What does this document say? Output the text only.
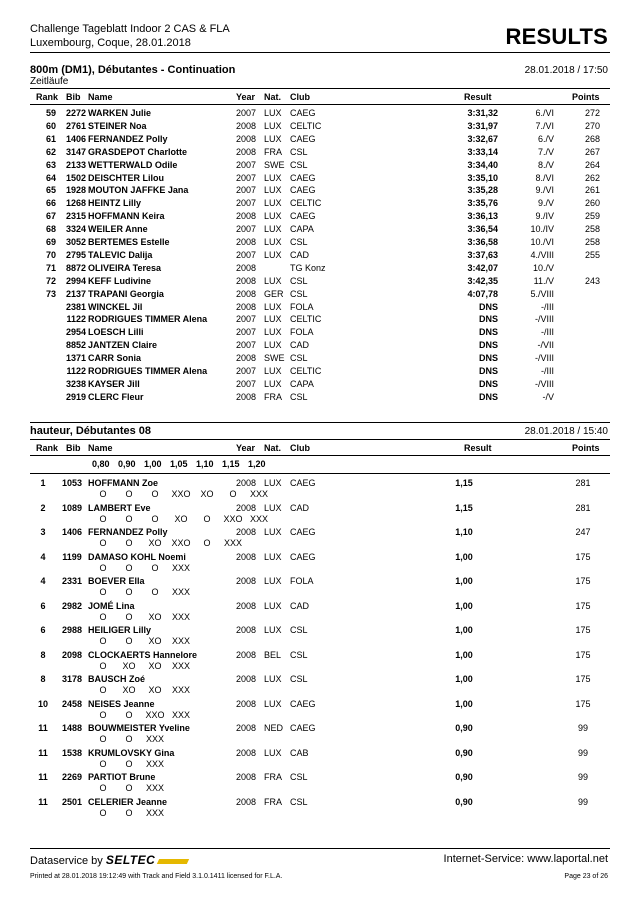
Challenge Tageblatt Indoor 2 CAS & FLA
Luxembourg, Coque, 28.01.2018	RESULTS
800m (DM1), Débutantes - Continuation	28.01.2018 / 17:50
Zeitläufe
Rank Bib Name	Year Nat. Club	Result	Points
59	2272 WARKEN Julie	2007 LUX CAEG	3:31,32	6./VI	272
60	2761 STEINER Noa	2008 LUX CELTIC	3:31,97	7./VI	270
61	1406 FERNANDEZ Polly	2008 LUX CAEG	3:32,67	6./V	268
62	3147 GRASDEPOT Charlotte	2008 FRA CSL	3:33,14	7./V	267
63	2133 WETTERWALD Odile	2007 SWE CSL	3:34,40	8./V	264
64	1502 DEISCHTER Lilou	2007 LUX CAEG	3:35,10	8./VI	262
65	1928 MOUTON JAFFKE Jana	2007 LUX CAEG	3:35,28	9./VI	261
66	1268 HEINTZ Lilly	2007 LUX CELTIC	3:35,76	9./V	260
67	2315 HOFFMANN Keira	2008 LUX CAEG	3:36,13	9./IV	259
68	3324 WEILER Anne	2007 LUX CAPA	3:36,54	10./IV	258
69	3052 BERTEMES Estelle	2008 LUX CSL	3:36,58	10./VI	258
70	2795 TALEVIC Dalija	2007 LUX CAD	3:37,63	4./VIII	255
71	8872 OLIVEIRA Teresa	2008	TG Konz	3:42,07	10./V
72	2994 KEFF Ludivine	2008 LUX CSL	3:42,35	11./V	243
73	2137 TRAPANI Georgia	2008 GER CSL	4:07,78	5./VIII
2381 WINCKEL Jil	2008 LUX FOLA	DNS	-/III
1122 RODRIGUES TIMMER Alena	2007 LUX CELTIC	DNS	-/VIII
2954 LOESCH Lilli	2007 LUX FOLA	DNS	-/III
8852 JANTZEN Claire	2007 LUX CAD	DNS	-/VII
1371 CARR Sonia	2008 SWE CSL	DNS	-/VIII
1122 RODRIGUES TIMMER Alena	2007 LUX CELTIC	DNS	-/III
3238 KAYSER Jill	2007 LUX CAPA	DNS	-/VIII
2919 CLERC Fleur	2008 FRA CSL	DNS	-/V
hauteur, Débutantes 08	28.01.2018 / 15:40
Rank Bib Name	Year Nat. Club	Result	Points
0,80 0,90 1,00 1,05 1,10 1,15 1,20
1	1053 HOFFMANN Zoe	2008 LUX CAEG	1,15	281
O	O	O	XXO	XO	O	XXX
2	1089 LAMBERT Eve	2008 LUX CAD	1,15	281
O	O	O	XO	O	XXO XXX
3	1406 FERNANDEZ Polly	2008 LUX CAEG	1,10	247
O	O	XO	XXO	O	XXX
4	1199 DAMASO KOHL Noemi	2008 LUX CAEG	1,00	175
O	O	O	XXX
4	2331 BOEVER Ella	2008 LUX FOLA	1,00	175
O	O	O	XXX
6	2982 JOMÉ Lina	2008 LUX CAD	1,00	175
O	O	XO	XXX
6	2988 HEILIGER Lilly	2008 LUX CSL	1,00	175
O	O	XO	XXX
8	2098 CLOCKAERTS Hannelore	2008 BEL CSL	1,00	175
O	XO	XO	XXX
8	3178 BAUSCH Zoé	2008 LUX CSL	1,00	175
O	XO	XO	XXX
10	2458 NEISES Jeanne	2008 LUX CAEG	1,00	175
O	O	XXO XXX
11	1488 BOUWMEISTER Yveline	2008 NED CAEG	0,90	99
O	O	XXX
11	1538 KRUMLOVSKY Gina	2008 LUX CAB	0,90	99
O	O	XXX
11	2269 PARTIOT Brune	2008 FRA CSL	0,90	99
O	O	XXX
11	2501 CELERIER Jeanne	2008 FRA CSL	0,90	99
O	O	XXX
Dataservice by SELTEC	Internet-Service: www.laportal.net
Printed at 28.01.2018 19:12:49 with Track and Field 3.1.0.1411 licensed for F.L.A.	Page 23 of 26
